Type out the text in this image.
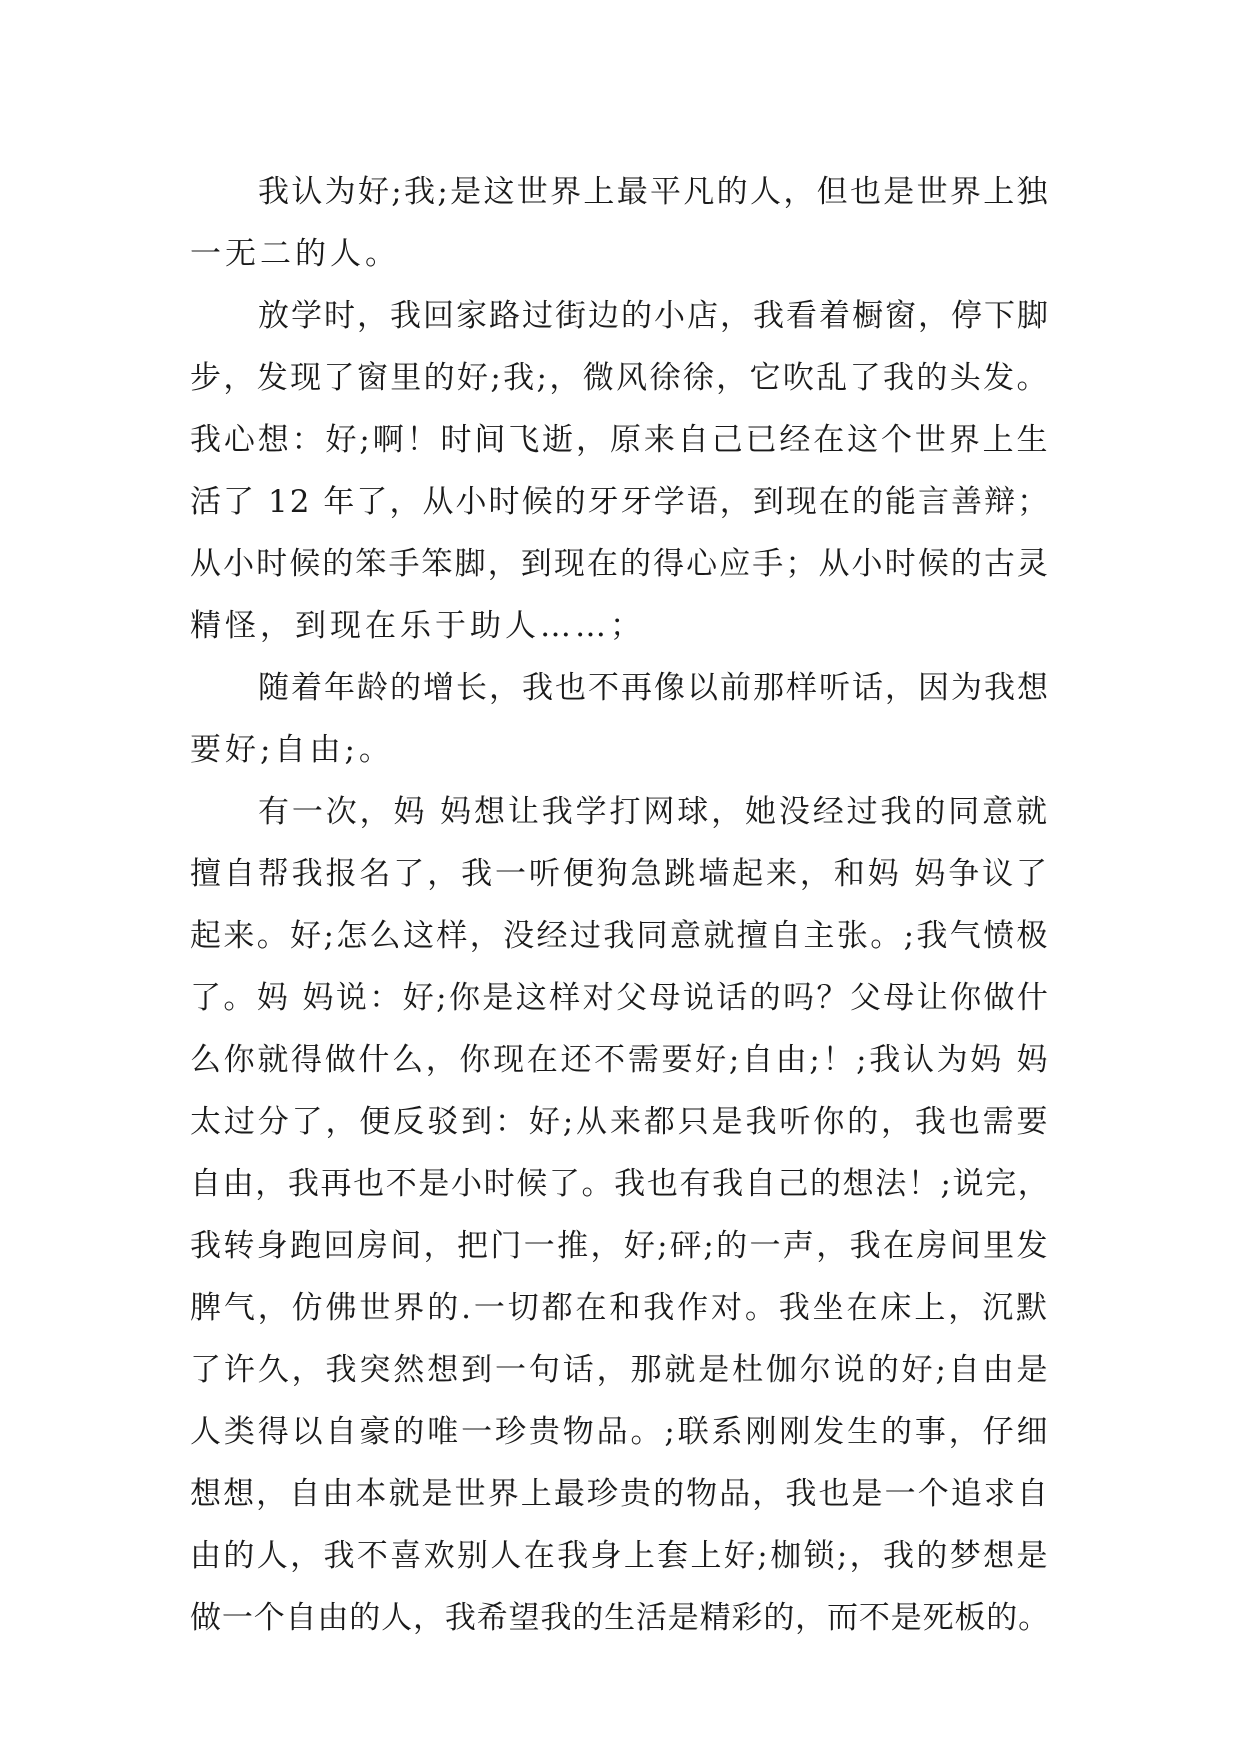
我认为好;我;是这世界上最平凡的人，但也是世界上独
一无二的人。
放学时，我回家路过街边的小店，我看着橱窗，停下脚
步，发现了窗里的好;我;，微风徐徐，它吹乱了我的头发。
我心想：好;啊！时间飞逝，原来自己已经在这个世界上生
活了 12 年了，从小时候的牙牙学语，到现在的能言善辩；
从小时候的笨手笨脚，到现在的得心应手；从小时候的古灵
精怪，到现在乐于助人……；
随着年龄的增长，我也不再像以前那样听话，因为我想
要好;自由;。
有一次，妈 妈想让我学打网球，她没经过我的同意就
擅自帮我报名了，我一听便狗急跳墙起来，和妈 妈争议了
起来。好;怎么这样，没经过我同意就擅自主张。;我气愤极
了。妈 妈说：好;你是这样对父母说话的吗？父母让你做什
么你就得做什么，你现在还不需要好;自由;！;我认为妈 妈
太过分了，便反驳到：好;从来都只是我听你的，我也需要
自由，我再也不是小时候了。我也有我自己的想法！;说完，
我转身跑回房间，把门一推，好;砰;的一声，我在房间里发
脾气，仿佛世界的.一切都在和我作对。我坐在床上，沉默
了许久，我突然想到一句话，那就是杜伽尔说的好;自由是
人类得以自豪的唯一珍贵物品。;联系刚刚发生的事，仔细
想想，自由本就是世界上最珍贵的物品，我也是一个追求自
由的人，我不喜欢别人在我身上套上好;枷锁;，我的梦想是
做一个自由的人，我希望我的生活是精彩的，而不是死板的。
